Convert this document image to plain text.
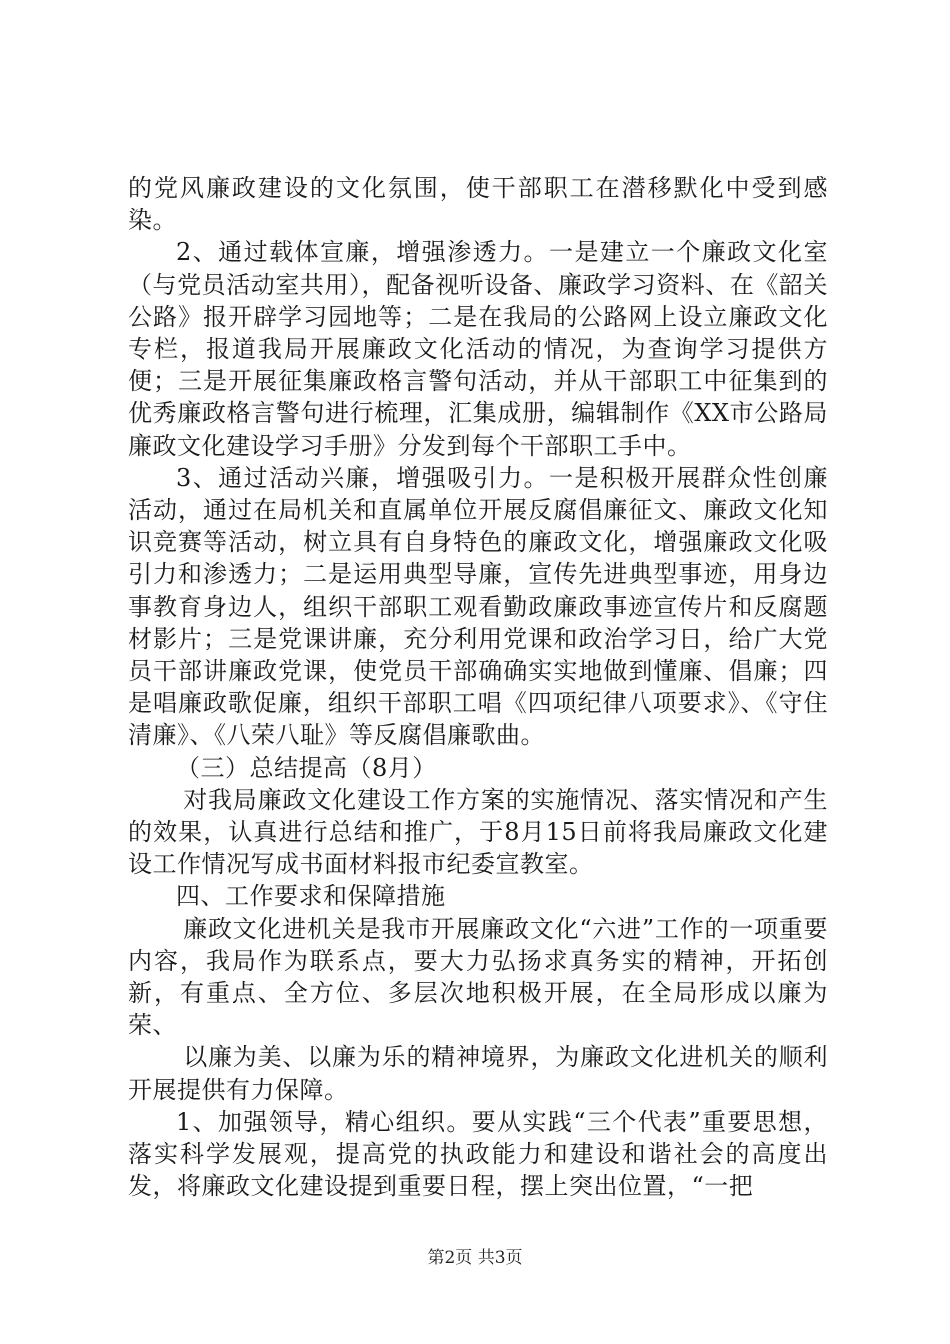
的党风廉政建设的文化氛围，使干部职工在潜移默化中受到感染。

2、通过载体宣廉，增强渗透力。一是建立一个廉政文化室（与党员活动室共用），配备视听设备、廉政学习资料、在《韶关公路》报开辟学习园地等；二是在我局的公路网上设立廉政文化专栏，报道我局开展廉政文化活动的情况，为查询学习提供方便；三是开展征集廉政格言警句活动，并从干部职工中征集到的优秀廉政格言警句进行梳理，汇集成册，编辑制作《XX市公路局廉政文化建设学习手册》分发到每个干部职工手中。

3、通过活动兴廉，增强吸引力。一是积极开展群众性创廉活动，通过在局机关和直属单位开展反腐倡廉征文、廉政文化知识竞赛等活动，树立具有自身特色的廉政文化，增强廉政文化吸引力和渗透力；二是运用典型导廉，宣传先进典型事迹，用身边事教育身边人，组织干部职工观看勤政廉政事迹宣传片和反腐题材影片；三是党课讲廉，充分利用党课和政治学习日，给广大党员干部讲廉政党课，使党员干部确确实实地做到懂廉、倡廉；四是唱廉政歌促廉，组织干部职工唱《四项纪律八项要求》、《守住清廉》、《八荣八耻》等反腐倡廉歌曲。

（三）总结提高（8月）

对我局廉政文化建设工作方案的实施情况、落实情况和产生的效果，认真进行总结和推广，于8月15日前将我局廉政文化建设工作情况写成书面材料报市纪委宣教室。

四、工作要求和保障措施

廉政文化进机关是我市开展廉政文化“六进”工作的一项重要内容，我局作为联系点，要大力弘扬求真务实的精神，开拓创新，有重点、全方位、多层次地积极开展，在全局形成以廉为荣、

以廉为美、以廉为乐的精神境界，为廉政文化进机关的顺利开展提供有力保障。

1、加强领导，精心组织。要从实践“三个代表”重要思想，落实科学发展观，提高党的执政能力和建设和谐社会的高度出发，将廉政文化建设提到重要日程，摆上突出位置，“一把

第2页 共3页
